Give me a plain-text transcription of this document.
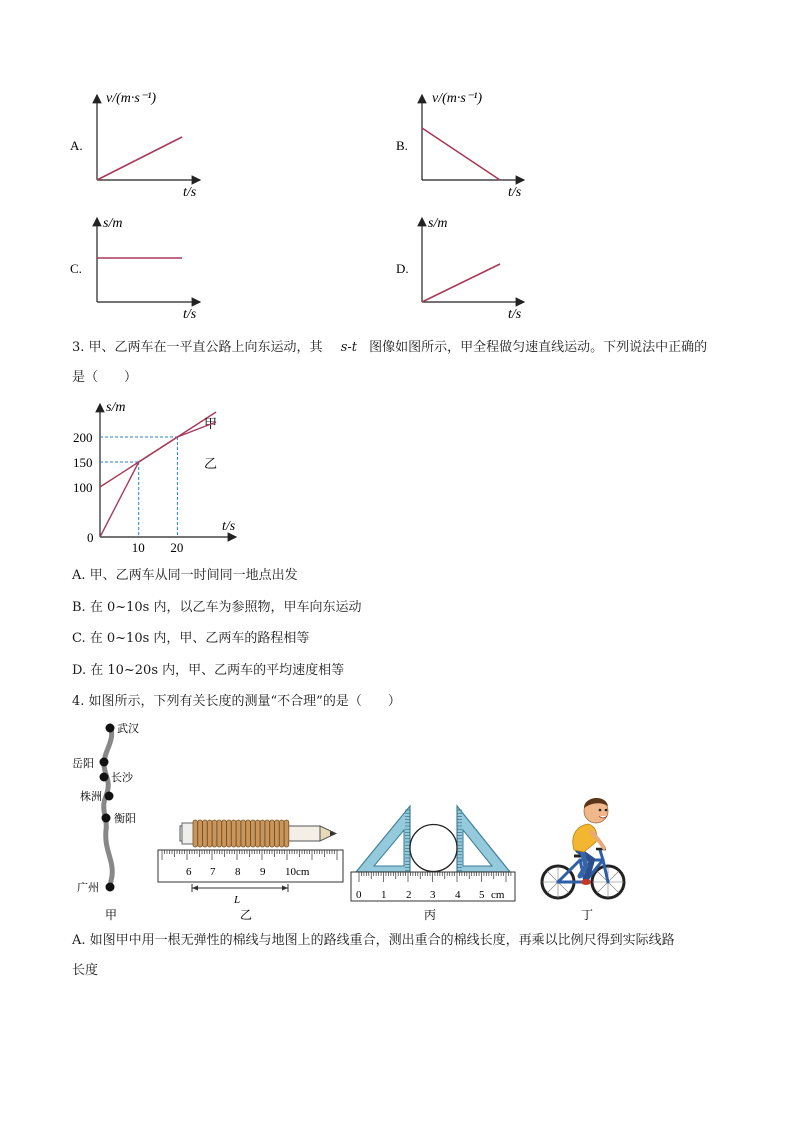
v/(m·s⁻¹)
t/s
A.
v/(m·s⁻¹)
t/s
B.
s/m
t/s
C.
s/m
t/s
D.
3. 甲、乙两车在一平直公路上向东运动，其 s-t 图像如图所示，甲全程做匀速直线运动。下列说法中正确的
是（　　）
甲
乙
100
150
200
10 20
s/m
t/s
0
A. 甲、乙两车从同一时间同一地点出发
B. 在 0~10s 内，以乙车为参照物，甲车向东运动
C. 在 0~10s 内，甲、乙两车的路程相等
D. 在 10~20s 内，甲、乙两车的平均速度相等
4. 如图所示，下列有关长度的测量“不合理”的是（　　）
武汉
岳阳
长沙
株洲
衡阳
广州
6 7 8 9 10cm
L	0 1 2 3 4 5 cm
甲	乙	丙	丁
A. 如图甲中用一根无弹性的棉线与地图上的路线重合，测出重合的棉线长度，再乘以比例尺得到实际线路
长度
